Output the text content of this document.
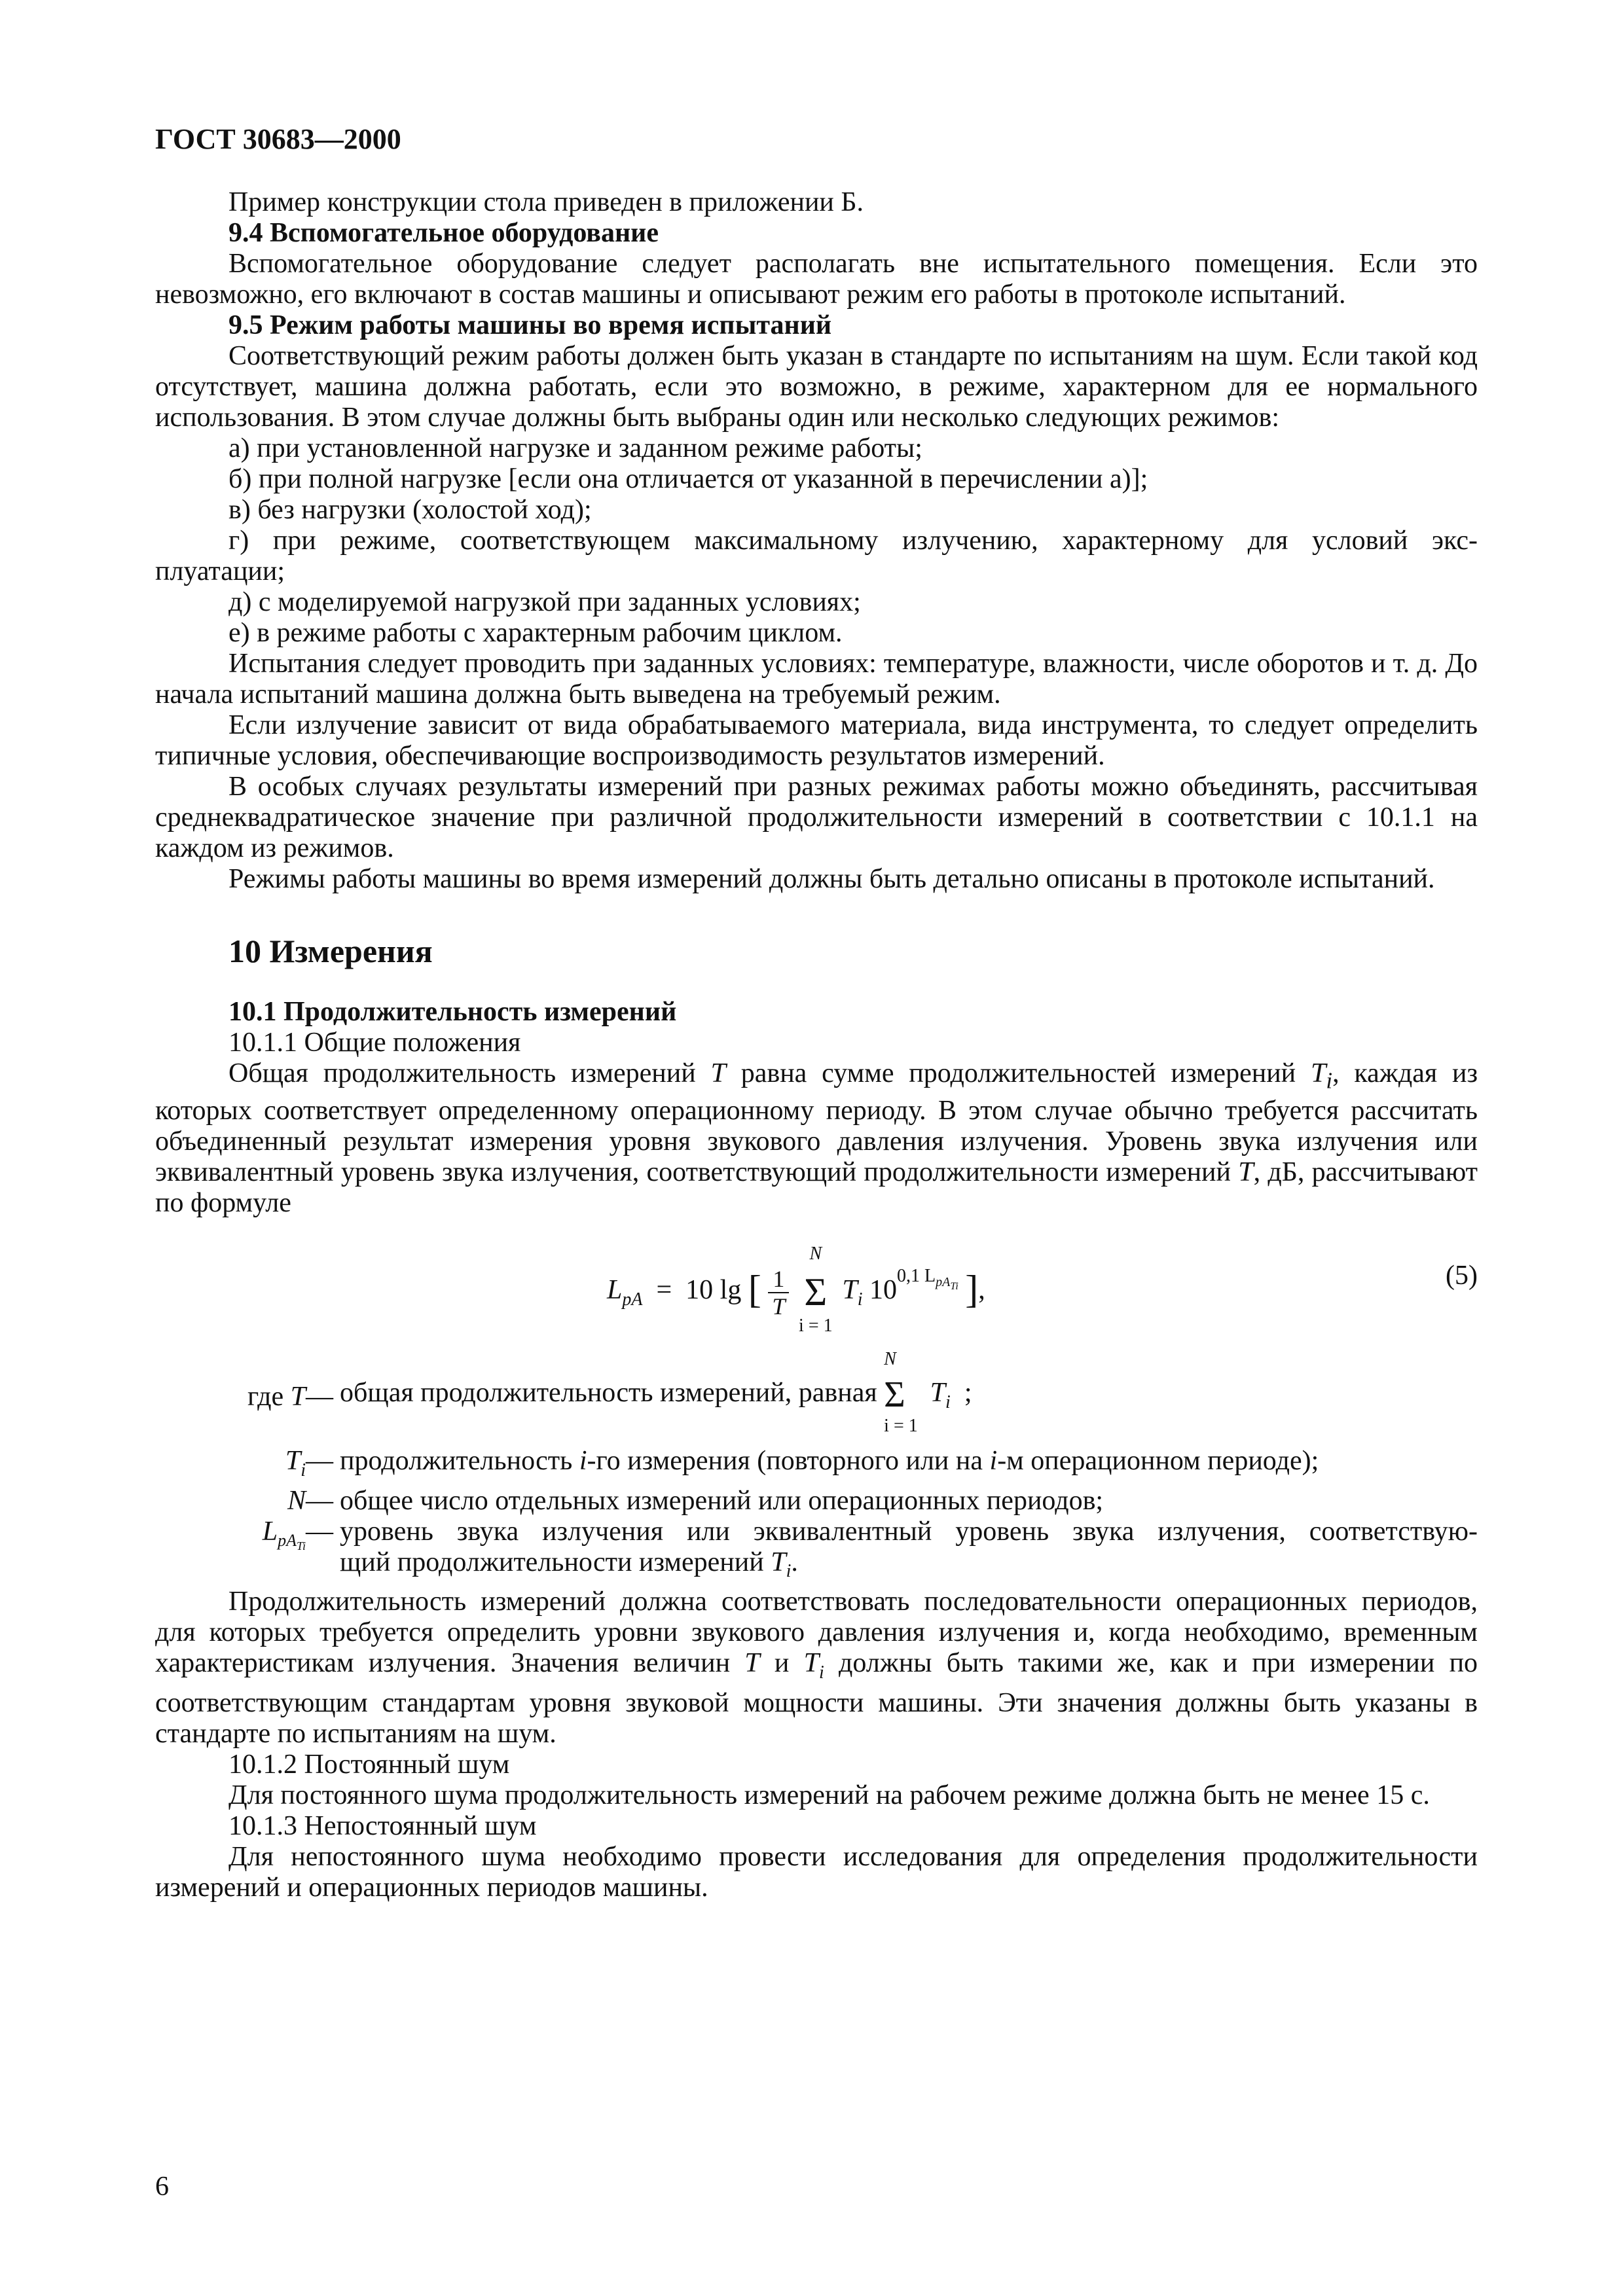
ГОСТ 30683—2000

Пример конструкции стола приведен в приложении Б.

9.4 Вспомогательное оборудование

Вспомогательное оборудование следует располагать вне испытательного помещения. Если это невозможно, его включают в состав машины и описывают режим его работы в протоколе испытаний.

9.5 Режим работы машины во время испытаний

Соответствующий режим работы должен быть указан в стандарте по испытаниям на шум. Если такой код отсутствует, машина должна работать, если это возможно, в режиме, характерном для ее нормального использования. В этом случае должны быть выбраны один или несколько следующих режимов:

а) при установленной нагрузке и заданном режиме работы;

б) при полной нагрузке [если она отличается от указанной в перечислении а)];

в) без нагрузки (холостой ход);

г) при режиме, соответствующем максимальному излучению, характерному для условий экс-

плуатации;

д) с моделируемой нагрузкой при заданных условиях;

е) в режиме работы с характерным рабочим циклом.

Испытания следует проводить при заданных условиях: температуре, влажности, числе оборотов и т. д. До начала испытаний машина должна быть выведена на требуемый режим.

Если излучение зависит от вида обрабатываемого материала, вида инструмента, то следует определить типичные условия, обеспечивающие воспроизводимость результатов измерений.

В особых случаях результаты измерений при разных режимах работы можно объединять, рассчитывая среднеквадратическое значение при различной продолжительности измерений в соответствии с 10.1.1 на каждом из режимов.

Режимы работы машины во время измерений должны быть детально описаны в протоколе испытаний.

10 Измерения

10.1 Продолжительность измерений

10.1.1 Общие положения

Общая продолжительность измерений T равна сумме продолжительностей измерений $T_i$, каждая из которых соответствует определенному операционному периоду. В этом случае обычно требуется рассчитать объединенный результат измерения уровня звукового давления излучения. Уровень звука излучения или эквивалентный уровень звука излучения, соответствующий продолжительности измерений T, дБ, рассчитывают по формуле

$L_{pA} = 10$ lg [ $\frac{1}{T}$

N
Σ
i = 1
$T_i$ $10^{0,1 L_{pA_{Ti}}}$ ],	(5)
где T — общая продолжительность измерений, равная
N
Σ
i = 1
$T_i$ ;
$T_i$ — продолжительность i-го измерения (повторного или на i-м операционном периоде);
N — общее число отдельных измерений или операционных периодов;
$L_{pA_{Ti}}$ — уровень звука излучения или эквивалентный уровень звука излучения, соответствую-
щий продолжительности измерений $T_i$.

Продолжительность измерений должна соответствовать последовательности операционных периодов, для которых требуется определить уровни звукового давления излучения и, когда необходимо, временным характеристикам излучения. Значения величин T и $T_i$ должны быть такими же, как и при измерении по соответствующим стандартам уровня звуковой мощности машины. Эти значения должны быть указаны в стандарте по испытаниям на шум.

10.1.2 Постоянный шум

Для постоянного шума продолжительность измерений на рабочем режиме должна быть не менее 15 с.

10.1.3 Непостоянный шум

Для непостоянного шума необходимо провести исследования для определения продолжительности измерений и операционных периодов машины.

6
